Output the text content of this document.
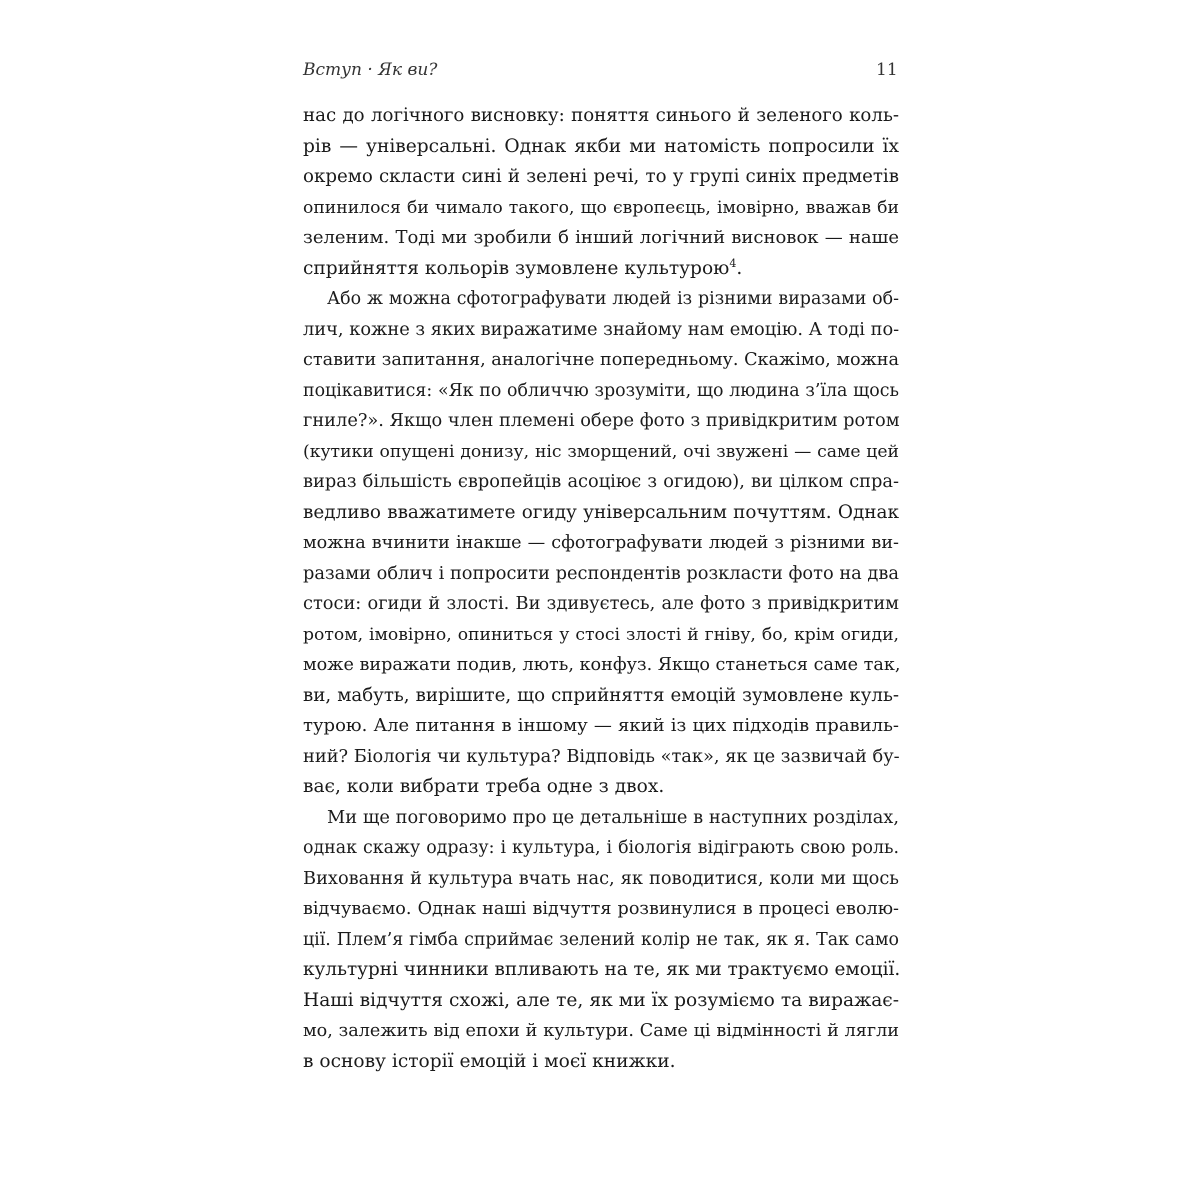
Вступ · Як ви?	11
нас до логічного висновку: поняття синього й зеленого коль-
рів — універсальні. Однак якби ми натомість попросили їх
окремо скласти сині й зелені речі, то у групі синіх предметів
опинилося би чимало такого, що європеєць, імовірно, вважав би
зеленим. Тоді ми зробили б інший логічний висновок — наше
сприйняття кольорів зумовлене культурою$^4$.
Або ж можна сфотографувати людей із різними виразами об-
лич, кожне з яких виражатиме знайому нам емоцію. А тоді по-
ставити запитання, аналогічне попередньому. Скажімо, можна
поцікавитися: «Як по обличчю зрозуміти, що людина з’їла щось
гниле?». Якщо член племені обере фото з привідкритим ротом
(кутики опущені донизу, ніс зморщений, очі звужені — саме цей
вираз більшість європейців асоціює з огидою), ви цілком спра-
ведливо вважатимете огиду універсальним почуттям. Однак
можна вчинити інакше — сфотографувати людей з різними ви-
разами облич і попросити респондентів розкласти фото на два
стоси: огиди й злості. Ви здивуєтесь, але фото з привідкритим
ротом, імовірно, опиниться у стосі злості й гніву, бо, крім огиди,
може виражати подив, лють, конфуз. Якщо станеться саме так,
ви, мабуть, вирішите, що сприйняття емоцій зумовлене куль-
турою. Але питання в іншому — який із цих підходів правиль-
ний? Біологія чи культура? Відповідь «так», як це зазвичай бу-
ває, коли вибрати треба одне з двох.
Ми ще поговоримо про це детальніше в наступних розділах,
однак скажу одразу: і культура, і біологія відіграють свою роль.
Виховання й культура вчать нас, як поводитися, коли ми щось
відчуваємо. Однак наші відчуття розвинулися в процесі еволю-
ції. Плем’я гімба сприймає зелений колір не так, як я. Так само
культурні чинники впливають на те, як ми трактуємо емоції.
Наші відчуття схожі, але те, як ми їх розуміємо та виражає-
мо, залежить від епохи й культури. Саме ці відмінності й лягли
в основу історії емоцій і моєї книжки.
